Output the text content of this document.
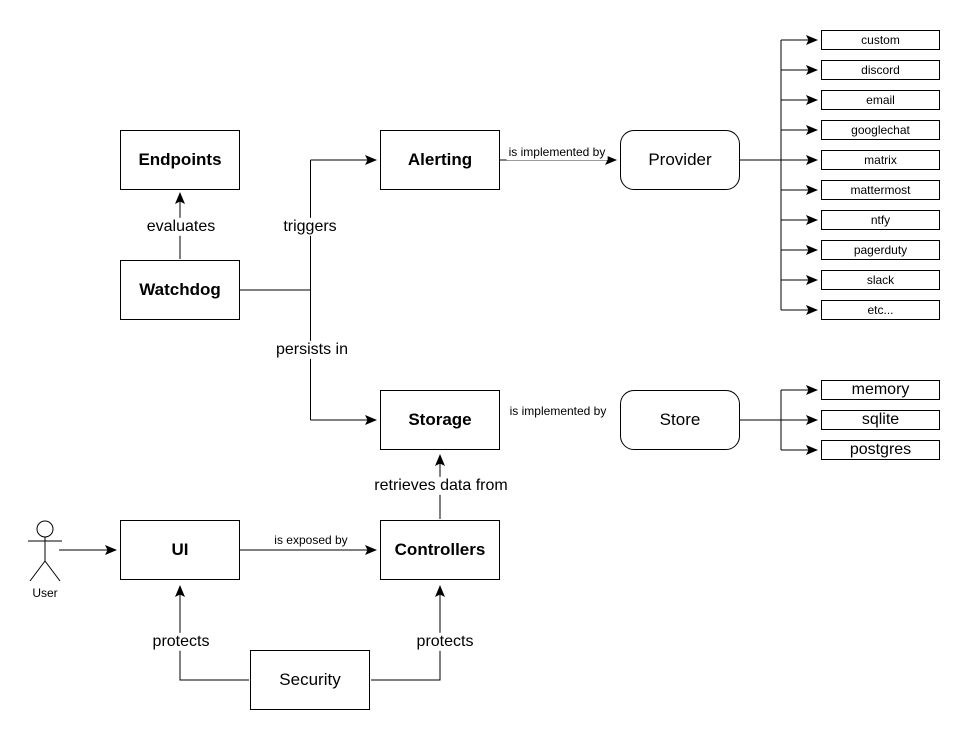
Endpoints
Watchdog
Alerting
Storage
UI	Controllers
Security
Provider
Store
custom
discord
email
googlechat
matrix
mattermost
ntfy
pagerduty
slack
etc...
memory
sqlite
postgres
evaluates	triggers
persists in
is implemented by
is implemented by
retrieves data from
is exposed by
protects	protects
User
